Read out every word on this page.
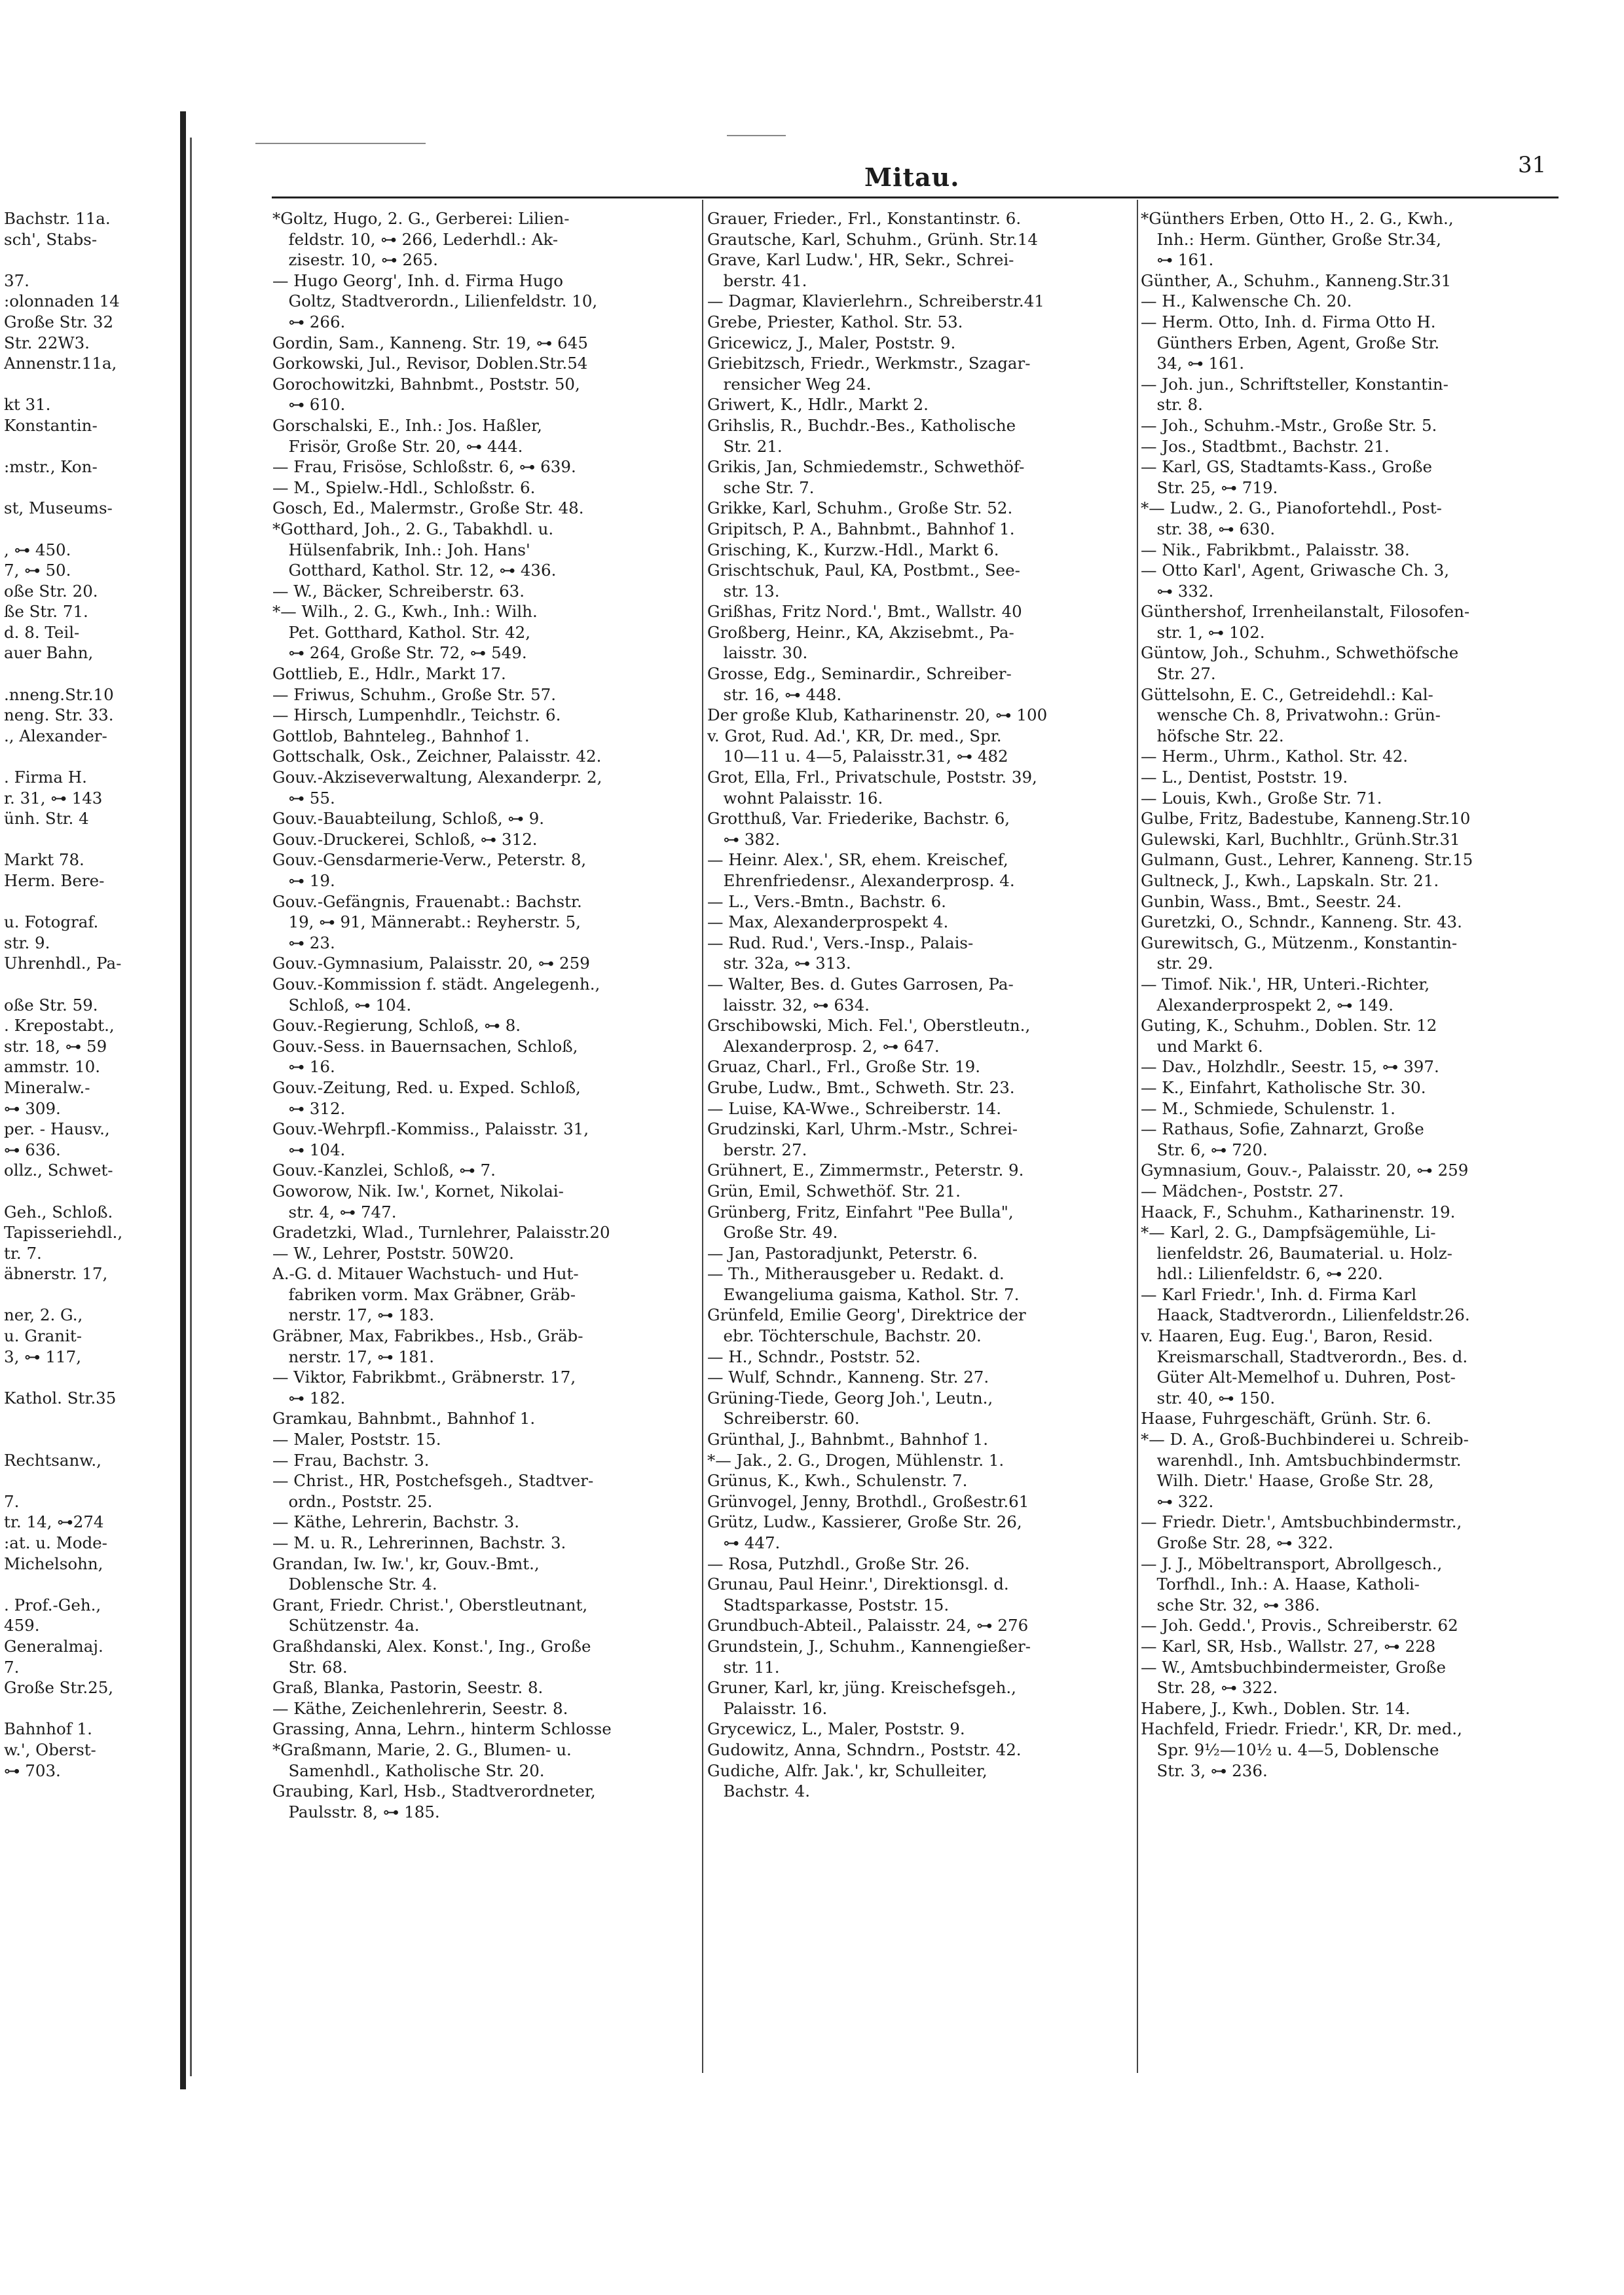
Mitau.	31
Bachstr. 11a.
sch', Stabs-

37.
:olonnaden 14
Große Str. 32
Str. 22W3.
Annenstr.11a,

kt 31.
Konstantin-

:mstr., Kon-

st, Museums-

, ⊶ 450.
7, ⊶ 50.
oße Str. 20.
ße Str. 71.
d. 8. Teil-
auer Bahn,

.nneng.Str.10
neng. Str. 33.
., Alexander-

. Firma H.
r. 31, ⊶ 143
ünh. Str. 4

Markt 78.
Herm. Bere-

u. Fotograf.
str. 9.
Uhrenhdl., Pa-

oße Str. 59.
. Krepostabt.,
str. 18, ⊶ 59
ammstr. 10.
Mineralw.-
⊶ 309.
per. - Hausv.,
⊶ 636.
ollz., Schwet-

Geh., Schloß.
Tapisseriehdl.,
tr. 7.
äbnerstr. 17,

ner, 2. G.,
u. Granit-
3, ⊶ 117,

Kathol. Str.35

Rechtsanw.,

7.
tr. 14, ⊶274
:at. u. Mode-
Michelsohn,

. Prof.-Geh.,
459.
Generalmaj.
7.
Große Str.25,

Bahnhof 1.
w.', Oberst-
⊶ 703.
*Goltz, Hugo, 2. G., Gerberei: Lilien-
 feldstr. 10, ⊶ 266, Lederhdl.: Ak-
 zisestr. 10, ⊶ 265.
— Hugo Georg', Inh. d. Firma Hugo
 Goltz, Stadtverordn., Lilienfeldstr. 10,
 ⊶ 266.
Gordin, Sam., Kanneng. Str. 19, ⊶ 645
Gorkowski, Jul., Revisor, Doblen.Str.54
Gorochowitzki, Bahnbmt., Poststr. 50,
 ⊶ 610.
Gorschalski, E., Inh.: Jos. Haßler,
 Frisör, Große Str. 20, ⊶ 444.
— Frau, Frisöse, Schloßstr. 6, ⊶ 639.
— M., Spielw.-Hdl., Schloßstr. 6.
Gosch, Ed., Malermstr., Große Str. 48.
*Gotthard, Joh., 2. G., Tabakhdl. u.
 Hülsenfabrik, Inh.: Joh. Hans'
 Gotthard, Kathol. Str. 12, ⊶ 436.
— W., Bäcker, Schreiberstr. 63.
*— Wilh., 2. G., Kwh., Inh.: Wilh.
 Pet. Gotthard, Kathol. Str. 42,
 ⊶ 264, Große Str. 72, ⊶ 549.
Gottlieb, E., Hdlr., Markt 17.
— Friwus, Schuhm., Große Str. 57.
— Hirsch, Lumpenhdlr., Teichstr. 6.
Gottlob, Bahnteleg., Bahnhof 1.
Gottschalk, Osk., Zeichner, Palaisstr. 42.
Gouv.-Akziseverwaltung, Alexanderpr. 2,
 ⊶ 55.
Gouv.-Bauabteilung, Schloß, ⊶ 9.
Gouv.-Druckerei, Schloß, ⊶ 312.
Gouv.-Gensdarmerie-Verw., Peterstr. 8,
 ⊶ 19.
Gouv.-Gefängnis, Frauenabt.: Bachstr.
 19, ⊶ 91, Männerabt.: Reyherstr. 5,
 ⊶ 23.
Gouv.-Gymnasium, Palaisstr. 20, ⊶ 259
Gouv.-Kommission f. städt. Angelegenh.,
 Schloß, ⊶ 104.
Gouv.-Regierung, Schloß, ⊶ 8.
Gouv.-Sess. in Bauernsachen, Schloß,
 ⊶ 16.
Gouv.-Zeitung, Red. u. Exped. Schloß,
 ⊶ 312.
Gouv.-Wehrpfl.-Kommiss., Palaisstr. 31,
 ⊶ 104.
Gouv.-Kanzlei, Schloß, ⊶ 7.
Goworow, Nik. Iw.', Kornet, Nikolai-
 str. 4, ⊶ 747.
Gradetzki, Wlad., Turnlehrer, Palaisstr.20
— W., Lehrer, Poststr. 50W20.
A.-G. d. Mitauer Wachstuch- und Hut-
 fabriken vorm. Max Gräbner, Gräb-
 nerstr. 17, ⊶ 183.
Gräbner, Max, Fabrikbes., Hsb., Gräb-
 nerstr. 17, ⊶ 181.
— Viktor, Fabrikbmt., Gräbnerstr. 17,
 ⊶ 182.
Gramkau, Bahnbmt., Bahnhof 1.
— Maler, Poststr. 15.
— Frau, Bachstr. 3.
— Christ., HR, Postchefsgeh., Stadtver-
 ordn., Poststr. 25.
— Käthe, Lehrerin, Bachstr. 3.
— M. u. R., Lehrerinnen, Bachstr. 3.
Grandan, Iw. Iw.', kr, Gouv.-Bmt.,
 Doblensche Str. 4.
Grant, Friedr. Christ.', Oberstleutnant,
 Schützenstr. 4a.
Graßhdanski, Alex. Konst.', Ing., Große
 Str. 68.
Graß, Blanka, Pastorin, Seestr. 8.
— Käthe, Zeichenlehrerin, Seestr. 8.
Grassing, Anna, Lehrn., hinterm Schlosse
*Graßmann, Marie, 2. G., Blumen- u.
 Samenhdl., Katholische Str. 20.
Graubing, Karl, Hsb., Stadtverordneter,
 Paulsstr. 8, ⊶ 185.
Grauer, Frieder., Frl., Konstantinstr. 6.
Grautsche, Karl, Schuhm., Grünh. Str.14
Grave, Karl Ludw.', HR, Sekr., Schrei-
 berstr. 41.
— Dagmar, Klavierlehrn., Schreiberstr.41
Grebe, Priester, Kathol. Str. 53.
Gricewicz, J., Maler, Poststr. 9.
Griebitzsch, Friedr., Werkmstr., Szagar-
 rensicher Weg 24.
Griwert, K., Hdlr., Markt 2.
Grihslis, R., Buchdr.-Bes., Katholische
 Str. 21.
Grikis, Jan, Schmiedemstr., Schwethöf-
 sche Str. 7.
Grikke, Karl, Schuhm., Große Str. 52.
Gripitsch, P. A., Bahnbmt., Bahnhof 1.
Grisching, K., Kurzw.-Hdl., Markt 6.
Grischtschuk, Paul, KA, Postbmt., See-
 str. 13.
Grißhas, Fritz Nord.', Bmt., Wallstr. 40
Großberg, Heinr., KA, Akzisebmt., Pa-
 laisstr. 30.
Grosse, Edg., Seminardir., Schreiber-
 str. 16, ⊶ 448.
Der große Klub, Katharinenstr. 20, ⊶ 100
v. Grot, Rud. Ad.', KR, Dr. med., Spr.
 10—11 u. 4—5, Palaisstr.31, ⊶ 482
Grot, Ella, Frl., Privatschule, Poststr. 39,
 wohnt Palaisstr. 16.
Grotthuß, Var. Friederike, Bachstr. 6,
 ⊶ 382.
— Heinr. Alex.', SR, ehem. Kreischef,
 Ehrenfriedensr., Alexanderprosp. 4.
— L., Vers.-Bmtn., Bachstr. 6.
— Max, Alexanderprospekt 4.
— Rud. Rud.', Vers.-Insp., Palais-
 str. 32a, ⊶ 313.
— Walter, Bes. d. Gutes Garrosen, Pa-
 laisstr. 32, ⊶ 634.
Grschibowski, Mich. Fel.', Oberstleutn.,
 Alexanderprosp. 2, ⊶ 647.
Gruaz, Charl., Frl., Große Str. 19.
Grube, Ludw., Bmt., Schweth. Str. 23.
— Luise, KA-Wwe., Schreiberstr. 14.
Grudzinski, Karl, Uhrm.-Mstr., Schrei-
 berstr. 27.
Grühnert, E., Zimmermstr., Peterstr. 9.
Grün, Emil, Schwethöf. Str. 21.
Grünberg, Fritz, Einfahrt "Pee Bulla",
 Große Str. 49.
— Jan, Pastoradjunkt, Peterstr. 6.
— Th., Mitherausgeber u. Redakt. d.
 Ewangeliuma gaisma, Kathol. Str. 7.
Grünfeld, Emilie Georg', Direktrice der
 ebr. Töchterschule, Bachstr. 20.
— H., Schndr., Poststr. 52.
— Wulf, Schndr., Kanneng. Str. 27.
Grüning-Tiede, Georg Joh.', Leutn.,
 Schreiberstr. 60.
Grünthal, J., Bahnbmt., Bahnhof 1.
*— Jak., 2. G., Drogen, Mühlenstr. 1.
Grünus, K., Kwh., Schulenstr. 7.
Grünvogel, Jenny, Brothdl., Großestr.61
Grütz, Ludw., Kassierer, Große Str. 26,
 ⊶ 447.
— Rosa, Putzhdl., Große Str. 26.
Grunau, Paul Heinr.', Direktionsgl. d.
 Stadtsparkasse, Poststr. 15.
Grundbuch-Abteil., Palaisstr. 24, ⊶ 276
Grundstein, J., Schuhm., Kannengießer-
 str. 11.
Gruner, Karl, kr, jüng. Kreischefsgeh.,
 Palaisstr. 16.
Grycewicz, L., Maler, Poststr. 9.
Gudowitz, Anna, Schndrn., Poststr. 42.
Gudiche, Alfr. Jak.', kr, Schulleiter,
 Bachstr. 4.
*Günthers Erben, Otto H., 2. G., Kwh.,
 Inh.: Herm. Günther, Große Str.34,
 ⊶ 161.
Günther, A., Schuhm., Kanneng.Str.31
— H., Kalwensche Ch. 20.
— Herm. Otto, Inh. d. Firma Otto H.
 Günthers Erben, Agent, Große Str.
 34, ⊶ 161.
— Joh. jun., Schriftsteller, Konstantin-
 str. 8.
— Joh., Schuhm.-Mstr., Große Str. 5.
— Jos., Stadtbmt., Bachstr. 21.
— Karl, GS, Stadtamts-Kass., Große
 Str. 25, ⊶ 719.
*— Ludw., 2. G., Pianofortehdl., Post-
 str. 38, ⊶ 630.
— Nik., Fabrikbmt., Palaisstr. 38.
— Otto Karl', Agent, Griwasche Ch. 3,
 ⊶ 332.
Günthershof, Irrenheilanstalt, Filosofen-
 str. 1, ⊶ 102.
Güntow, Joh., Schuhm., Schwethöfsche
 Str. 27.
Güttelsohn, E. C., Getreidehdl.: Kal-
 wensche Ch. 8, Privatwohn.: Grün-
 höfsche Str. 22.
— Herm., Uhrm., Kathol. Str. 42.
— L., Dentist, Poststr. 19.
— Louis, Kwh., Große Str. 71.
Gulbe, Fritz, Badestube, Kanneng.Str.10
Gulewski, Karl, Buchhltr., Grünh.Str.31
Gulmann, Gust., Lehrer, Kanneng. Str.15
Gultneck, J., Kwh., Lapskaln. Str. 21.
Gunbin, Wass., Bmt., Seestr. 24.
Guretzki, O., Schndr., Kanneng. Str. 43.
Gurewitsch, G., Mützenm., Konstantin-
 str. 29.
— Timof. Nik.', HR, Unteri.-Richter,
 Alexanderprospekt 2, ⊶ 149.
Guting, K., Schuhm., Doblen. Str. 12
 und Markt 6.
— Dav., Holzhdlr., Seestr. 15, ⊶ 397.
— K., Einfahrt, Katholische Str. 30.
— M., Schmiede, Schulenstr. 1.
— Rathaus, Sofie, Zahnarzt, Große
 Str. 6, ⊶ 720.
Gymnasium, Gouv.-, Palaisstr. 20, ⊶ 259
— Mädchen-, Poststr. 27.
Haack, F., Schuhm., Katharinenstr. 19.
*— Karl, 2. G., Dampfsägemühle, Li-
 lienfeldstr. 26, Baumaterial. u. Holz-
 hdl.: Lilienfeldstr. 6, ⊶ 220.
— Karl Friedr.', Inh. d. Firma Karl
 Haack, Stadtverordn., Lilienfeldstr.26.
v. Haaren, Eug. Eug.', Baron, Resid.
 Kreismarschall, Stadtverordn., Bes. d.
 Güter Alt-Memelhof u. Duhren, Post-
 str. 40, ⊶ 150.
Haase, Fuhrgeschäft, Grünh. Str. 6.
*— D. A., Groß-Buchbinderei u. Schreib-
 warenhdl., Inh. Amtsbuchbindermstr.
 Wilh. Dietr.' Haase, Große Str. 28,
 ⊶ 322.
— Friedr. Dietr.', Amtsbuchbindermstr.,
 Große Str. 28, ⊶ 322.
— J. J., Möbeltransport, Abrollgesch.,
 Torfhdl., Inh.: A. Haase, Katholi-
 sche Str. 32, ⊶ 386.
— Joh. Gedd.', Provis., Schreiberstr. 62
— Karl, SR, Hsb., Wallstr. 27, ⊶ 228
— W., Amtsbuchbindermeister, Große
 Str. 28, ⊶ 322.
Habere, J., Kwh., Doblen. Str. 14.
Hachfeld, Friedr. Friedr.', KR, Dr. med.,
 Spr. 9½—10½ u. 4—5, Doblensche
 Str. 3, ⊶ 236.
